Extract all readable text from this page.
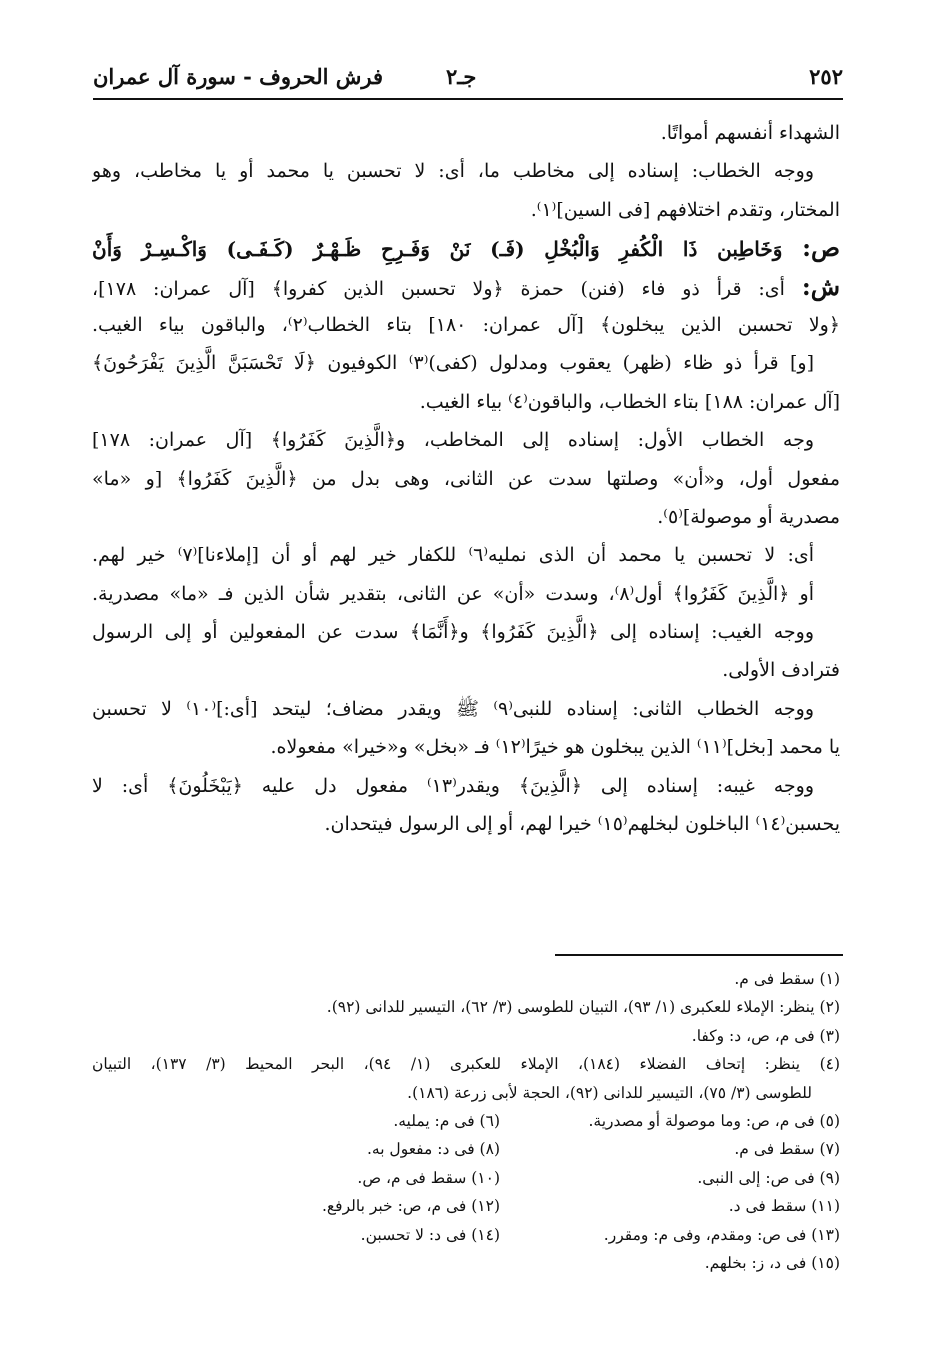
٢٥٢
جـ٢
فرش الحروف - سورة آل عمران
الشهداء أنفسهم أمواتًا.
ووجه الخطاب: إسناده إلى مخاطب ما، أى: لا تحسبن يا محمد أو يا مخاطب، وهو
المختار، وتقدم اختلافهم [فى السين]⁽١⁾.
ص: وَخَاطِبن ذَا الْكُفرِ وَالْبُخْلِ (فَـ) نَنْ وَفَـرِحِ ظَـهْـرٌ (كَـفَـى) وَاكْـسِـرْ وَأَنْ
ش: أى: قرأ ذو فاء (فنن) حمزة ﴿ولا تحسبن الذين كفروا﴾ [آل عمران: ١٧٨]،
﴿ولا تحسبن الذين يبخلون﴾ [آل عمران: ١٨٠] بتاء الخطاب⁽٢⁾، والباقون بياء الغيب.
[و] قرأ ذو ظاء (ظهر) يعقوب ومدلول (كفى)⁽٣⁾ الكوفيون ﴿لَا تَحْسَبَنَّ الَّذِينَ يَفْرَحُونَ﴾
[آل عمران: ١٨٨] بتاء الخطاب، والباقون⁽٤⁾ بياء الغيب.
وجه الخطاب الأول: إسناده إلى المخاطب، و﴿الَّذِينَ كَفَرُوا﴾ [آل عمران: ١٧٨]
مفعول أول، و«أن» وصلتها سدت عن الثانى، وهى بدل من ﴿الَّذِينَ كَفَرُوا﴾ [و «ما»
مصدرية أو موصولة]⁽٥⁾.
أى: لا تحسبن يا محمد أن الذى نمليه⁽٦⁾ للكفار خير لهم أو أن [إملاءنا]⁽٧⁾ خير لهم.
أو ﴿الَّذِينَ كَفَرُوا﴾ أول⁽٨⁾، وسدت «أن» عن الثانى، بتقدير شأن الذين فـ «ما» مصدرية.
ووجه الغيب: إسناده إلى ﴿الَّذِينَ كَفَرُوا﴾ و﴿أَنَّمَا﴾ سدت عن المفعولين أو إلى الرسول
فترادف الأولى.
ووجه الخطاب الثانى: إسناده للنبى⁽٩⁾ ﷺ ويقدر مضاف؛ ليتحد [أى:]⁽١٠⁾ لا تحسبن
يا محمد [بخل]⁽١١⁾ الذين يبخلون هو خيرًا⁽١٢⁾ فـ «بخل» و«خيرا» مفعولاه.
ووجه غيبه: إسناده إلى ﴿الَّذِينَ﴾ ويقدر⁽١٣⁾ مفعول دل عليه ﴿يَبْخَلُونَ﴾ أى: لا
يحسبن⁽١٤⁾ الباخلون لبخلهم⁽١٥⁾ خيرا لهم، أو إلى الرسول فيتحدان.
(١) سقط فى م.
(٢) ينظر: الإملاء للعكبرى (١/ ٩٣)، التبيان للطوسى (٣/ ٦٢)، التيسير للدانى (٩٢).
(٣) فى م، ص، د: وكفا.
(٤) ينظر: إتحاف الفضلاء (١٨٤)، الإملاء للعكبرى (١/ ٩٤)، البحر المحيط (٣/ ١٣٧)، التبيان
للطوسى (٣/ ٧٥)، التيسير للدانى (٩٢)، الحجة لأبى زرعة (١٨٦).
(٥) فى م، ص: وما موصولة أو مصدرية.
(٦) فى م: يمليه.
(٧) سقط فى م.
(٨) فى د: مفعول به.
(٩) فى ص: إلى النبى.
(١٠) سقط فى م، ص.
(١١) سقط فى د.
(١٢) فى م، ص: خبر بالرفع.
(١٣) فى ص: ومقدم، وفى م: ومقرر.
(١٤) فى د: لا تحسبن.
(١٥) فى د، ز: بخلهم.
